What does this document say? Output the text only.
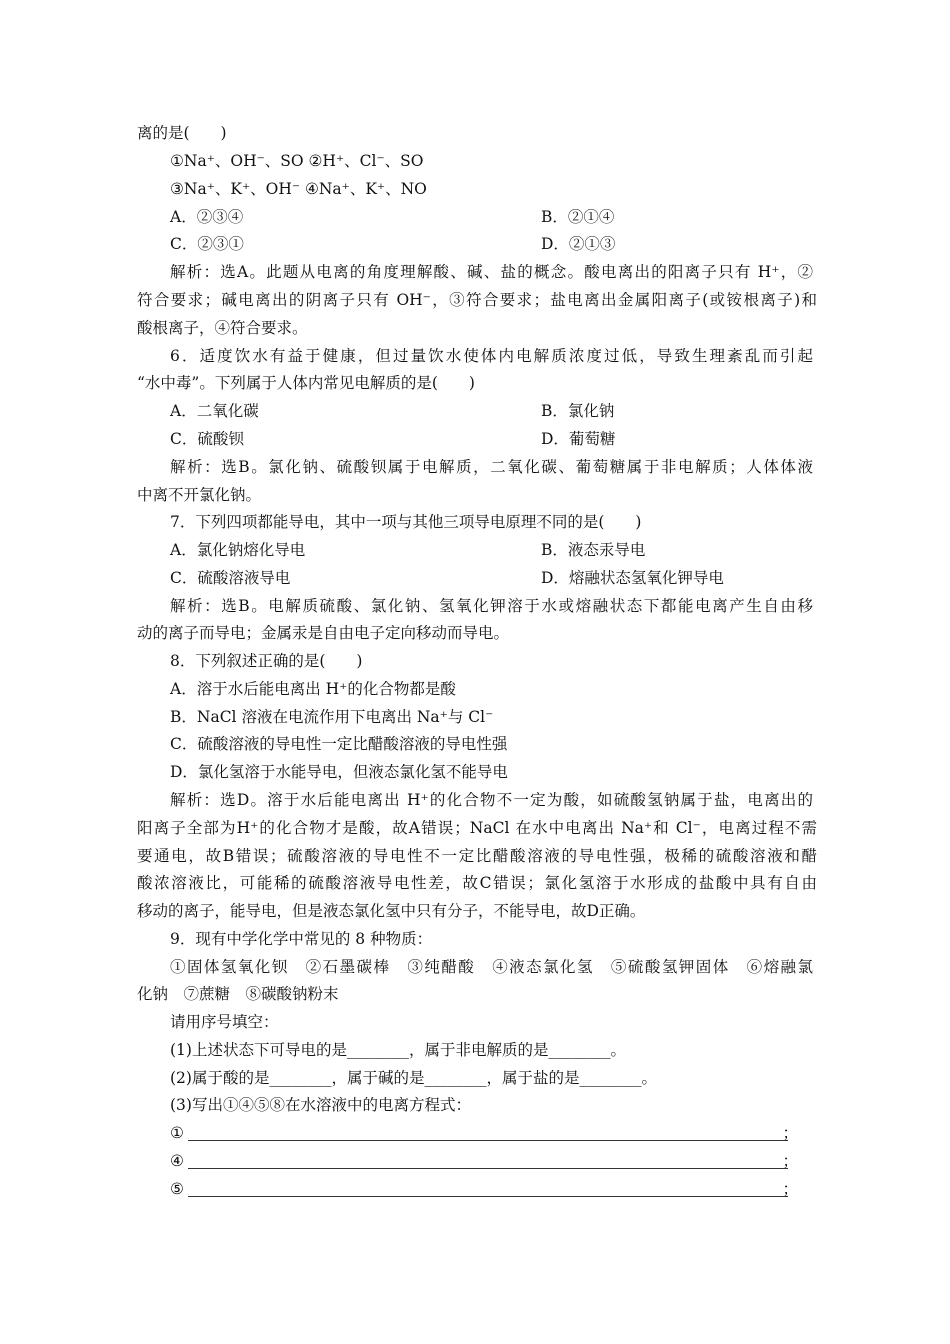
离的是(　　)
①Na⁺、OH⁻、SO ②H⁺、Cl⁻、SO
③Na⁺、K⁺、OH⁻ ④Na⁺、K⁺、NO
A．②③④	B．②①④
C．②③①	D．②①③
解析：选A。此题从电离的角度理解酸、碱、盐的概念。酸电离出的阳离子只有 H⁺，②
符合要求；碱电离出的阴离子只有 OH⁻，③符合要求；盐电离出金属阳离子(或铵根离子)和
酸根离子，④符合要求。
6．适度饮水有益于健康，但过量饮水使体内电解质浓度过低，导致生理紊乱而引起
“水中毒”。下列属于人体内常见电解质的是(　　)
A．二氧化碳	B．氯化钠
C．硫酸钡	D．葡萄糖
解析：选B。氯化钠、硫酸钡属于电解质，二氧化碳、葡萄糖属于非电解质；人体体液
中离不开氯化钠。
7．下列四项都能导电，其中一项与其他三项导电原理不同的是(　　)
A．氯化钠熔化导电	B．液态汞导电
C．硫酸溶液导电	D．熔融状态氢氧化钾导电
解析：选B。电解质硫酸、氯化钠、氢氧化钾溶于水或熔融状态下都能电离产生自由移
动的离子而导电；金属汞是自由电子定向移动而导电。
8．下列叙述正确的是(　　)
A．溶于水后能电离出 H⁺的化合物都是酸
B．NaCl 溶液在电流作用下电离出 Na⁺与 Cl⁻
C．硫酸溶液的导电性一定比醋酸溶液的导电性强
D．氯化氢溶于水能导电，但液态氯化氢不能导电
解析：选D。溶于水后能电离出 H⁺的化合物不一定为酸，如硫酸氢钠属于盐，电离出的
阳离子全部为H⁺的化合物才是酸，故A错误；NaCl 在水中电离出 Na⁺和 Cl⁻，电离过程不需
要通电，故B错误；硫酸溶液的导电性不一定比醋酸溶液的导电性强，极稀的硫酸溶液和醋
酸浓溶液比，可能稀的硫酸溶液导电性差，故C错误；氯化氢溶于水形成的盐酸中具有自由
移动的离子，能导电，但是液态氯化氢中只有分子，不能导电，故D正确。
9．现有中学化学中常见的 8 种物质：
①固体氢氧化钡　②石墨碳棒　③纯醋酸　④液态氯化氢　⑤硫酸氢钾固体　⑥熔融氯
化钠　⑦蔗糖　⑧碳酸钠粉末
请用序号填空：
(1)上述状态下可导电的是________，属于非电解质的是________。
(2)属于酸的是________，属于碱的是________，属于盐的是________。
(3)写出①④⑤⑧在水溶液中的电离方程式：
①	；
④	；
⑤	；
